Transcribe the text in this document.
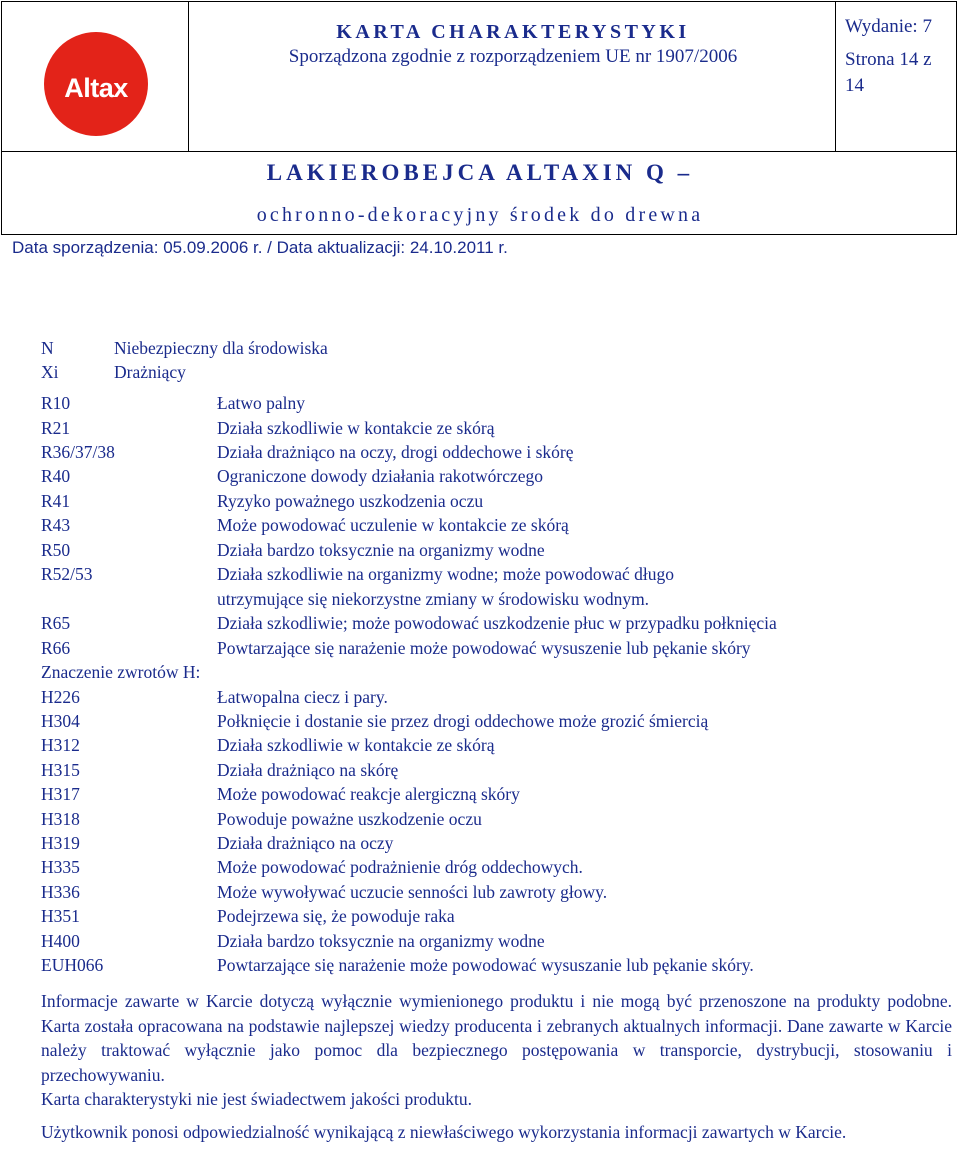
Altax
KARTA CHARAKTERYSTYKI
Sporządzona zgodnie z rozporządzeniem UE nr 1907/2006
Wydanie: 7
Strona 14 z 14
LAKIEROBEJCA ALTAXIN Q –
ochronno-dekoracyjny środek do drewna
Data sporządzenia: 05.09.2006 r. / Data aktualizacji: 24.10.2011 r.
N	Niebezpieczny dla środowiska
Xi	Drażniący
R10	Łatwo palny
R21	Działa szkodliwie w kontakcie ze skórą
R36/37/38	Działa drażniąco na oczy, drogi oddechowe i skórę
R40	Ograniczone dowody działania rakotwórczego
R41	Ryzyko poważnego uszkodzenia oczu
R43	Może powodować uczulenie w kontakcie ze skórą
R50	Działa bardzo toksycznie na organizmy wodne
R52/53	Działa szkodliwie na organizmy wodne; może powodować długo
utrzymujące się niekorzystne zmiany w środowisku wodnym.
R65	Działa szkodliwie; może powodować uszkodzenie płuc w przypadku połknięcia
R66	Powtarzające się narażenie może powodować wysuszenie lub pękanie skóry
Znaczenie zwrotów H:
H226	Łatwopalna ciecz i pary.
H304	Połknięcie i dostanie sie przez drogi oddechowe może grozić śmiercią
H312	Działa szkodliwie w kontakcie ze skórą
H315	Działa drażniąco na skórę
H317	Może powodować reakcje alergiczną skóry
H318	Powoduje poważne uszkodzenie oczu
H319	Działa drażniąco na oczy
H335	Może powodować podrażnienie dróg oddechowych.
H336	Może wywoływać uczucie senności lub zawroty głowy.
H351	Podejrzewa się, że powoduje raka
H400	Działa bardzo toksycznie na organizmy wodne
EUH066	Powtarzające się narażenie może powodować wysuszanie lub pękanie skóry.

Informacje zawarte w Karcie dotyczą wyłącznie wymienionego produktu i nie mogą być przenoszone na produkty podobne. Karta została opracowana na podstawie najlepszej wiedzy producenta i zebranych aktualnych informacji. Dane zawarte w Karcie należy traktować wyłącznie jako pomoc dla bezpiecznego postępowania w transporcie, dystrybucji, stosowaniu i przechowywaniu.

Karta charakterystyki nie jest świadectwem jakości produktu.

Użytkownik ponosi odpowiedzialność wynikającą z niewłaściwego wykorzystania informacji zawartych w Karcie.
